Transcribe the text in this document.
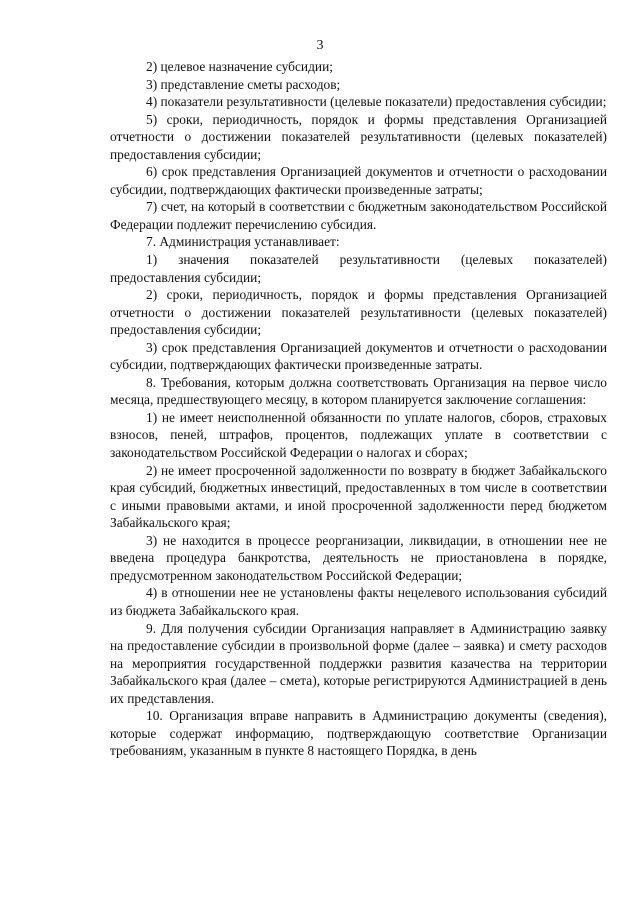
3

2) целевое назначение субсидии;

3) представление сметы расходов;

4) показатели результативности (целевые показатели) предоставления субсидии;

5) сроки, периодичность, порядок и формы представления Организацией отчетности о достижении показателей результативности (целевых показателей) предоставления субсидии;

6) срок представления Организацией документов и отчетности о расходовании субсидии, подтверждающих фактически произведенные затраты;

7) счет, на который в соответствии с бюджетным законодательством Российской Федерации подлежит перечислению субсидия.

7. Администрация устанавливает:

1) значения показателей результативности (целевых показателей) предоставления субсидии;

2) сроки, периодичность, порядок и формы представления Организацией отчетности о достижении показателей результативности (целевых показателей) предоставления субсидии;

3) срок представления Организацией документов и отчетности о расходовании субсидии, подтверждающих фактически произведенные затраты.

8. Требования, которым должна соответствовать Организация на первое число месяца, предшествующего месяцу, в котором планируется заключение соглашения:

1) не имеет неисполненной обязанности по уплате налогов, сборов, страховых взносов, пеней, штрафов, процентов, подлежащих уплате в соответствии с законодательством Российской Федерации о налогах и сборах;

2) не имеет просроченной задолженности по возврату в бюджет Забайкальского края субсидий, бюджетных инвестиций, предоставленных в том числе в соответствии с иными правовыми актами, и иной просроченной задолженности перед бюджетом Забайкальского края;

3) не находится в процессе реорганизации, ликвидации, в отношении нее не введена процедура банкротства, деятельность не приостановлена в порядке, предусмотренном законодательством Российской Федерации;

4) в отношении нее не установлены факты нецелевого использования субсидий из бюджета Забайкальского края.

9. Для получения субсидии Организация направляет в Администрацию заявку на предоставление субсидии в произвольной форме (далее – заявка) и смету расходов на мероприятия государственной поддержки развития казачества на территории Забайкальского края (далее – смета), которые регистрируются Администрацией в день их представления.

10. Организация вправе направить в Администрацию документы (сведения), которые содержат информацию, подтверждающую соответствие Организации требованиям, указанным в пункте 8 настоящего Порядка, в день
